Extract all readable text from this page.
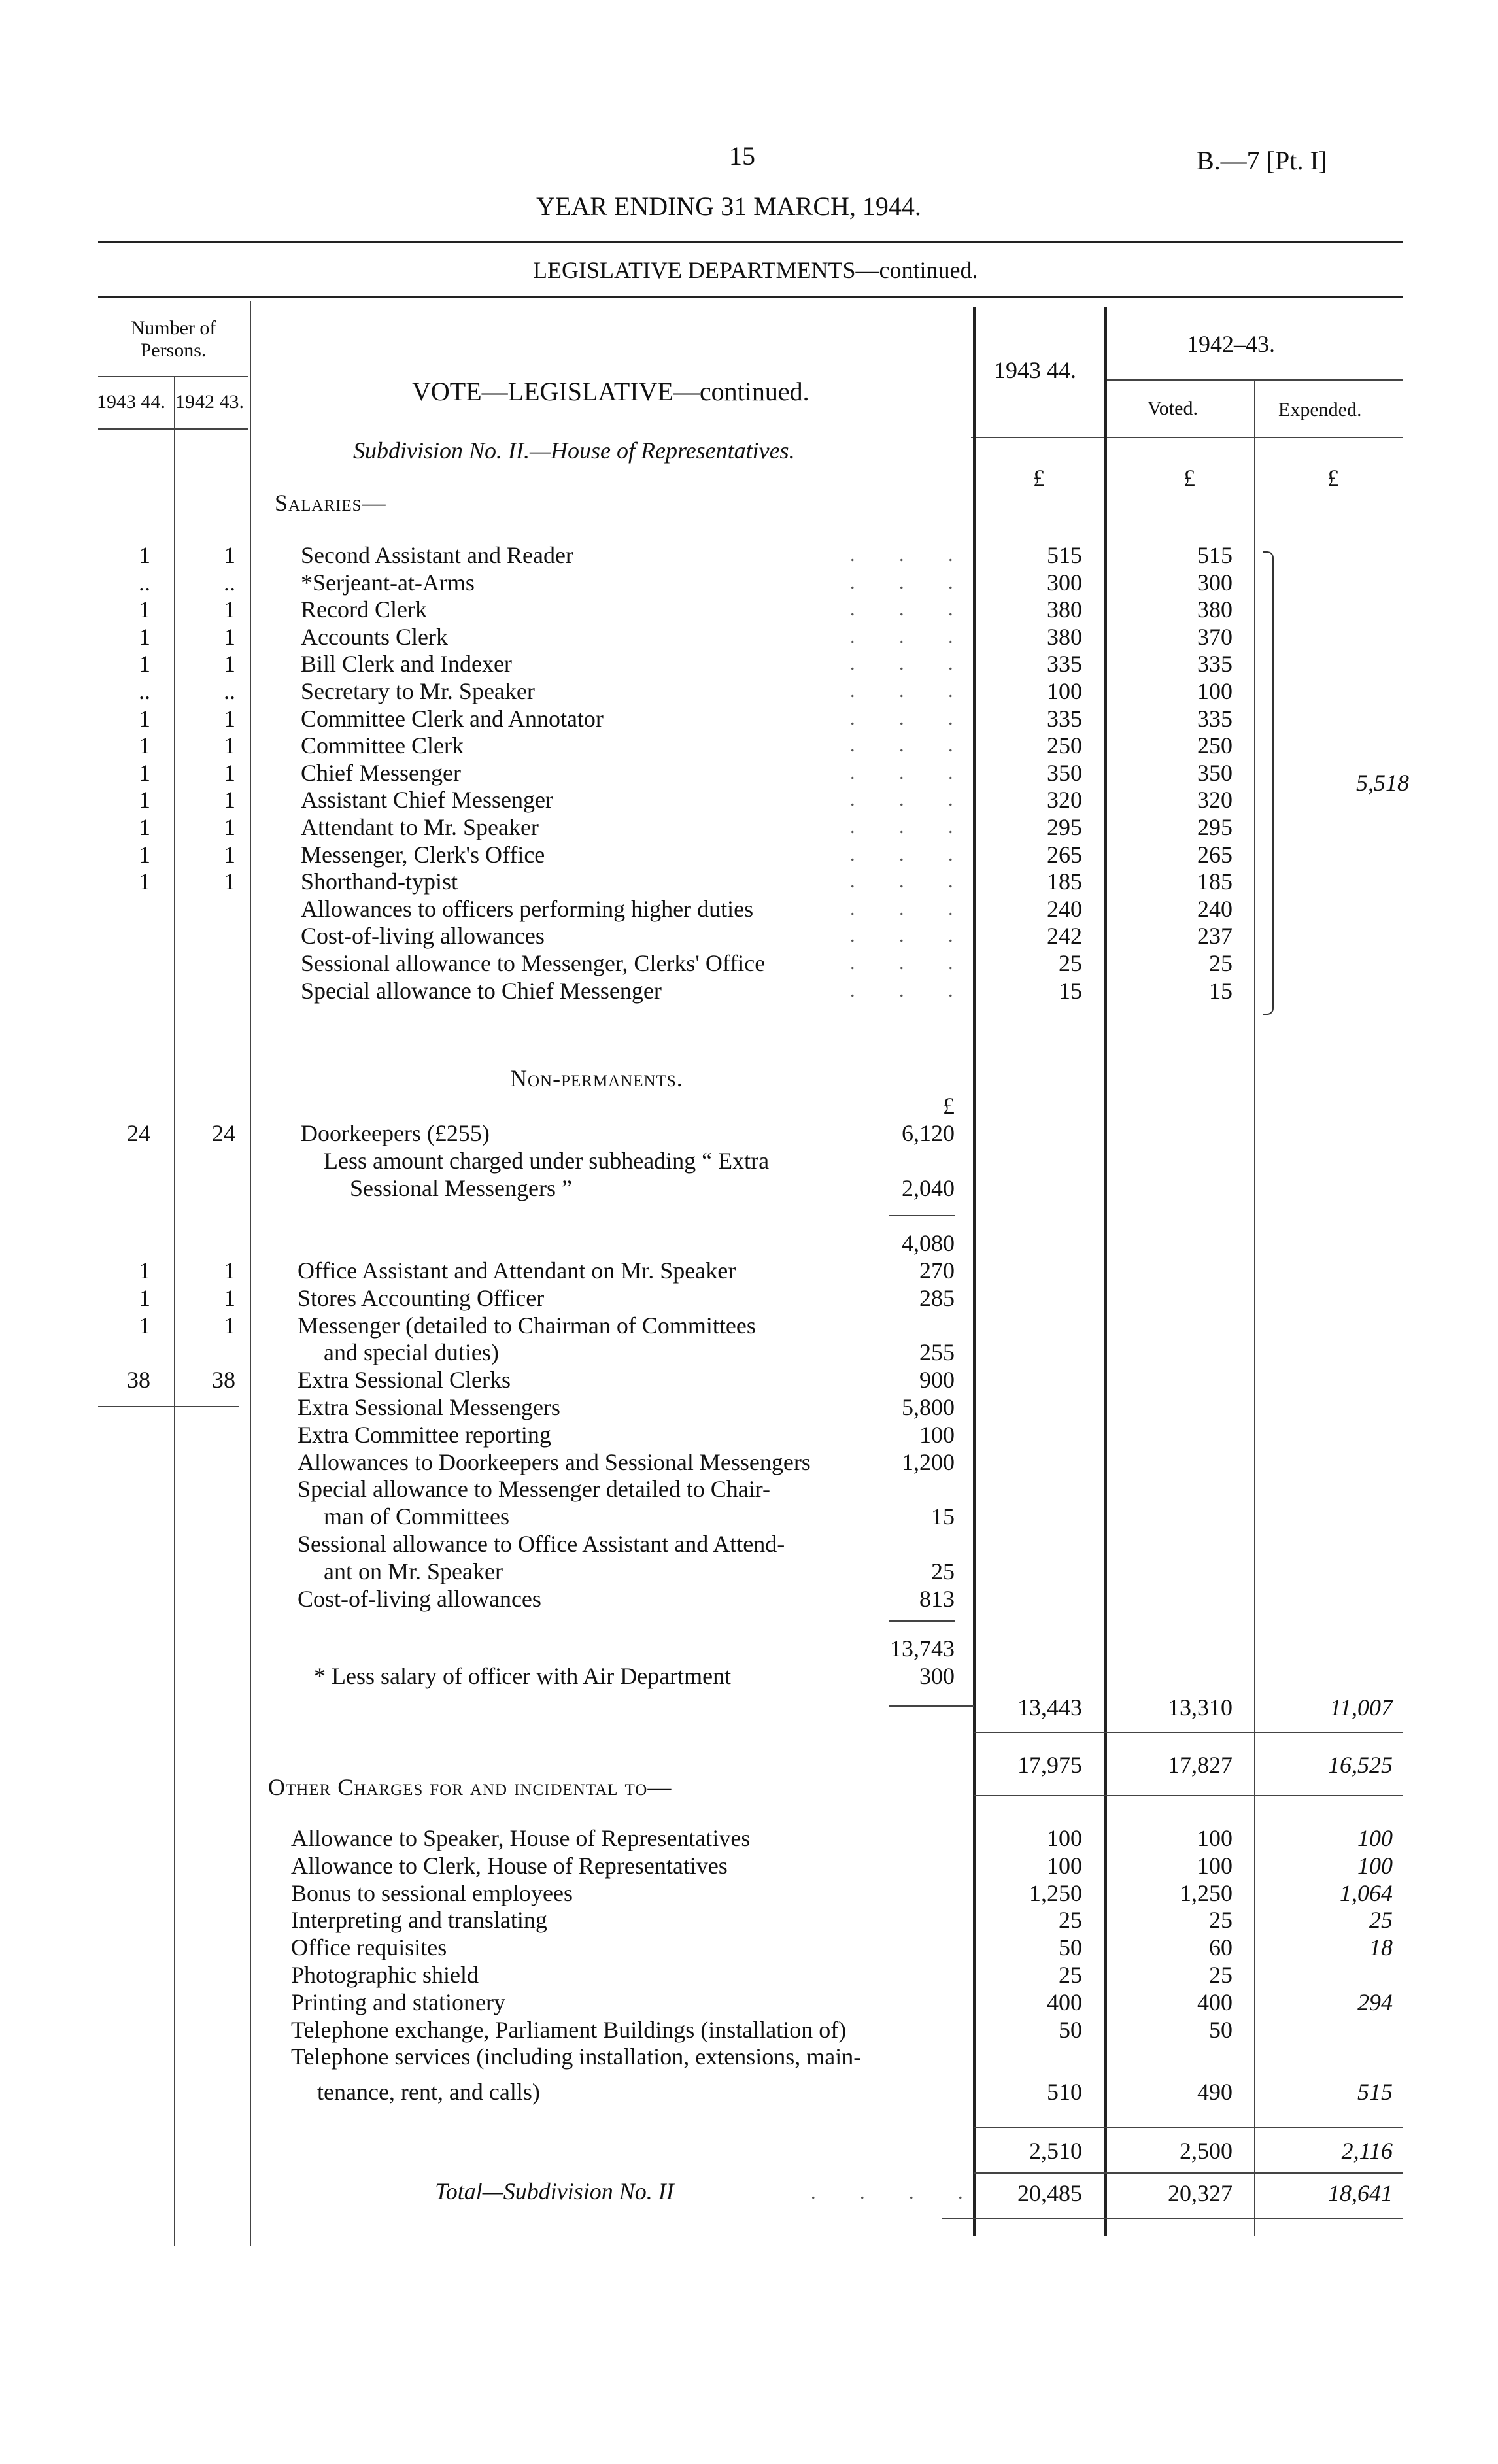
15	B.—7 [Pt. I]
YEAR ENDING 31 MARCH, 1944.
LEGISLATIVE DEPARTMENTS—continued.
Number of Persons.
1943 44. 1942 43.	VOTE—LEGISLATIVE—continued.
Subdivision No. II.—House of Representatives.
1943 44.
1942–43.
Voted.	Expended.
£	£	£
Salaries—
1	1	Second Assistant and Reader	. . .	515	515
..	..	*Serjeant-at-Arms	. . .	300	300
1	1	Record Clerk	. . .	380	380
1	1	Accounts Clerk	. . .	380	370
1	1	Bill Clerk and Indexer	. . .	335	335
..	..	Secretary to Mr. Speaker	. . .	100	100
1	1	Committee Clerk and Annotator	. . .	335	335
1	1	Committee Clerk	. . .	250	250
1	1	Chief Messenger	. . .	350	350
1	1	Assistant Chief Messenger	. . .	320	320
1	1	Attendant to Mr. Speaker	. . .	295	295
1	1	Messenger, Clerk's Office	. . .	265	265
1	1	Shorthand-typist	. . .	185	185
Allowances to officers performing higher duties	. . .	240	240
Cost-of-living allowances	. . .	242	237
Sessional allowance to Messenger, Clerks' Office	. . .	25	25
Special allowance to Chief Messenger	. . .	15	15
5,518
Non-permanents.
£
24	24	Doorkeepers (£255)	6,120
Less amount charged under subheading “ Extra
Sessional Messengers ”	2,040
4,080
1	1	Office Assistant and Attendant on Mr. Speaker	270
1	1	Stores Accounting Officer	285
1	1	Messenger (detailed to Chairman of Committees
and special duties)	255
38	38	Extra Sessional Clerks	900
Extra Sessional Messengers	5,800
Extra Committee reporting	100
Allowances to Doorkeepers and Sessional Messengers	1,200
Special allowance to Messenger detailed to Chair-
man of Committees	15
Sessional allowance to Office Assistant and Attend-
ant on Mr. Speaker	25
Cost-of-living allowances	813
13,743
* Less salary of officer with Air Department	300
13,443	13,310	11,007
17,975	17,827	16,525
Other Charges for and incidental to—
Allowance to Speaker, House of Representatives	100	100	100
Allowance to Clerk, House of Representatives	100	100	100
Bonus to sessional employees	1,250	1,250	1,064
Interpreting and translating	25	25	25
Office requisites	50	60	18
Photographic shield	25	25
Printing and stationery	400	400	294
Telephone exchange, Parliament Buildings (installation of)	50	50
Telephone services (including installation, extensions, main-
tenance, rent, and calls)	510	490	515
2,510	2,500	2,116
Total—Subdivision No. II	. . . .	20,485	20,327	18,641
